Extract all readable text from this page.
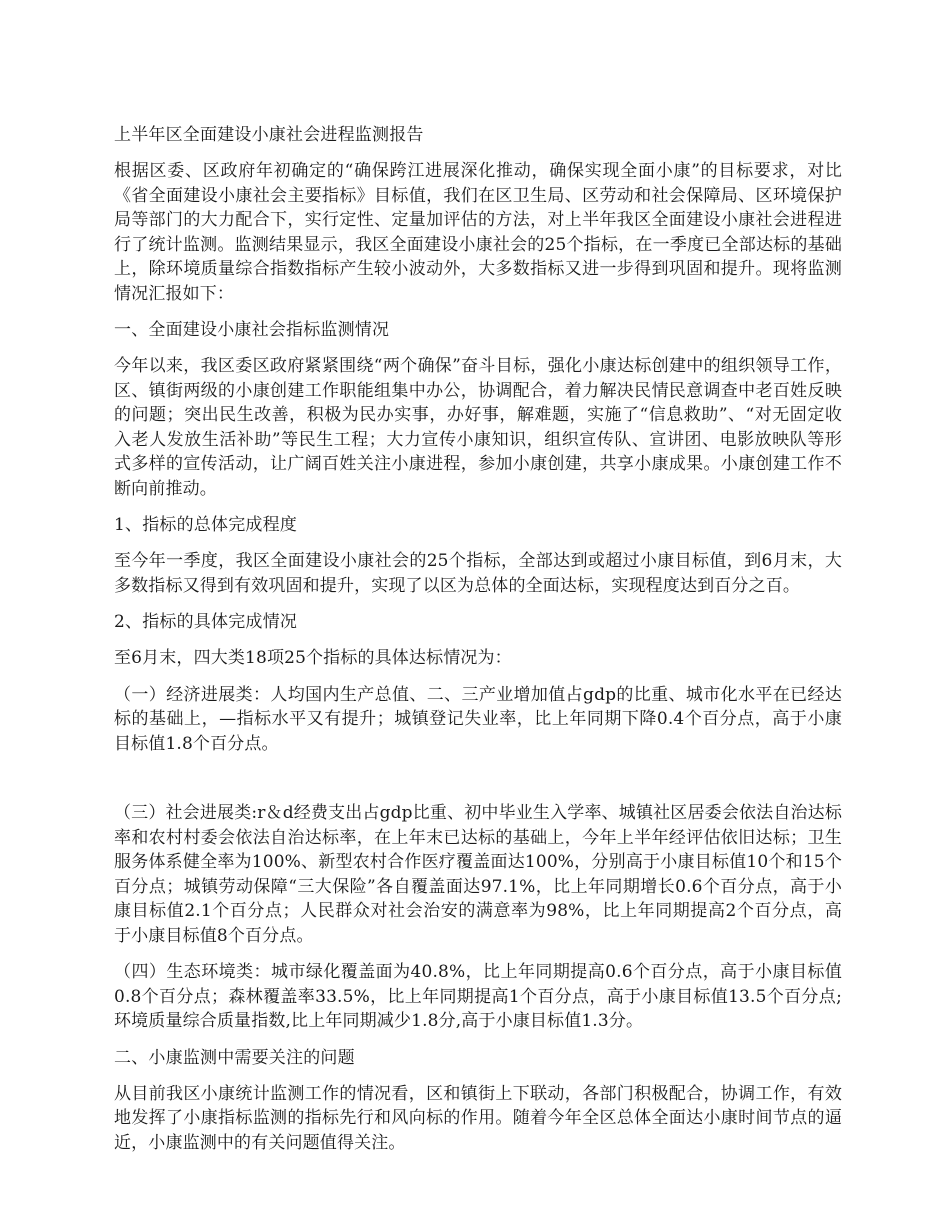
上半年区全面建设小康社会进程监测报告

根据区委、区政府年初确定的“确保跨江进展深化推动，确保实现全面小康”的目标要求，对比《省全面建设小康社会主要指标》目标值，我们在区卫生局、区劳动和社会保障局、区环境保护局等部门的大力配合下，实行定性、定量加评估的方法，对上半年我区全面建设小康社会进程进行了统计监测。监测结果显示，我区全面建设小康社会的25个指标，在一季度已全部达标的基础上，除环境质量综合指数指标产生较小波动外，大多数指标又进一步得到巩固和提升。现将监测情况汇报如下：

一、全面建设小康社会指标监测情况

今年以来，我区委区政府紧紧围绕“两个确保”奋斗目标，强化小康达标创建中的组织领导工作，区、镇街两级的小康创建工作职能组集中办公，协调配合，着力解决民情民意调查中老百姓反映的问题；突出民生改善，积极为民办实事，办好事，解难题，实施了“信息救助”、“对无固定收入老人发放生活补助”等民生工程；大力宣传小康知识，组织宣传队、宣讲团、电影放映队等形式多样的宣传活动，让广阔百姓关注小康进程，参加小康创建，共享小康成果。小康创建工作不断向前推动。

1、指标的总体完成程度

至今年一季度，我区全面建设小康社会的25个指标，全部达到或超过小康目标值，到6月末，大多数指标又得到有效巩固和提升，实现了以区为总体的全面达标，实现程度达到百分之百。

2、指标的具体完成情况

至6月末，四大类18项25个指标的具体达标情况为：

（一）经济进展类：人均国内生产总值、二、三产业增加值占gdp的比重、城市化水平在已经达标的基础上，—指标水平又有提升；城镇登记失业率，比上年同期下降0.4个百分点，高于小康目标值1.8个百分点。

（三）社会进展类:r＆d经费支出占gdp比重、初中毕业生入学率、城镇社区居委会依法自治达标率和农村村委会依法自治达标率，在上年末已达标的基础上，今年上半年经评估依旧达标；卫生服务体系健全率为100%、新型农村合作医疗覆盖面达100%，分别高于小康目标值10个和15个百分点；城镇劳动保障“三大保险”各自覆盖面达97.1%，比上年同期增长0.6个百分点，高于小康目标值2.1个百分点；人民群众对社会治安的满意率为98%，比上年同期提高2个百分点，高于小康目标值8个百分点。

（四）生态环境类：城市绿化覆盖面为40.8%，比上年同期提高0.6个百分点，高于小康目标值0.8个百分点；森林覆盖率33.5%，比上年同期提高1个百分点，高于小康目标值13.5个百分点;环境质量综合质量指数,比上年同期减少1.8分,高于小康目标值1.3分。

二、小康监测中需要关注的问题

从目前我区小康统计监测工作的情况看，区和镇街上下联动，各部门积极配合，协调工作，有效地发挥了小康指标监测的指标先行和风向标的作用。随着今年全区总体全面达小康时间节点的逼近，小康监测中的有关问题值得关注。
